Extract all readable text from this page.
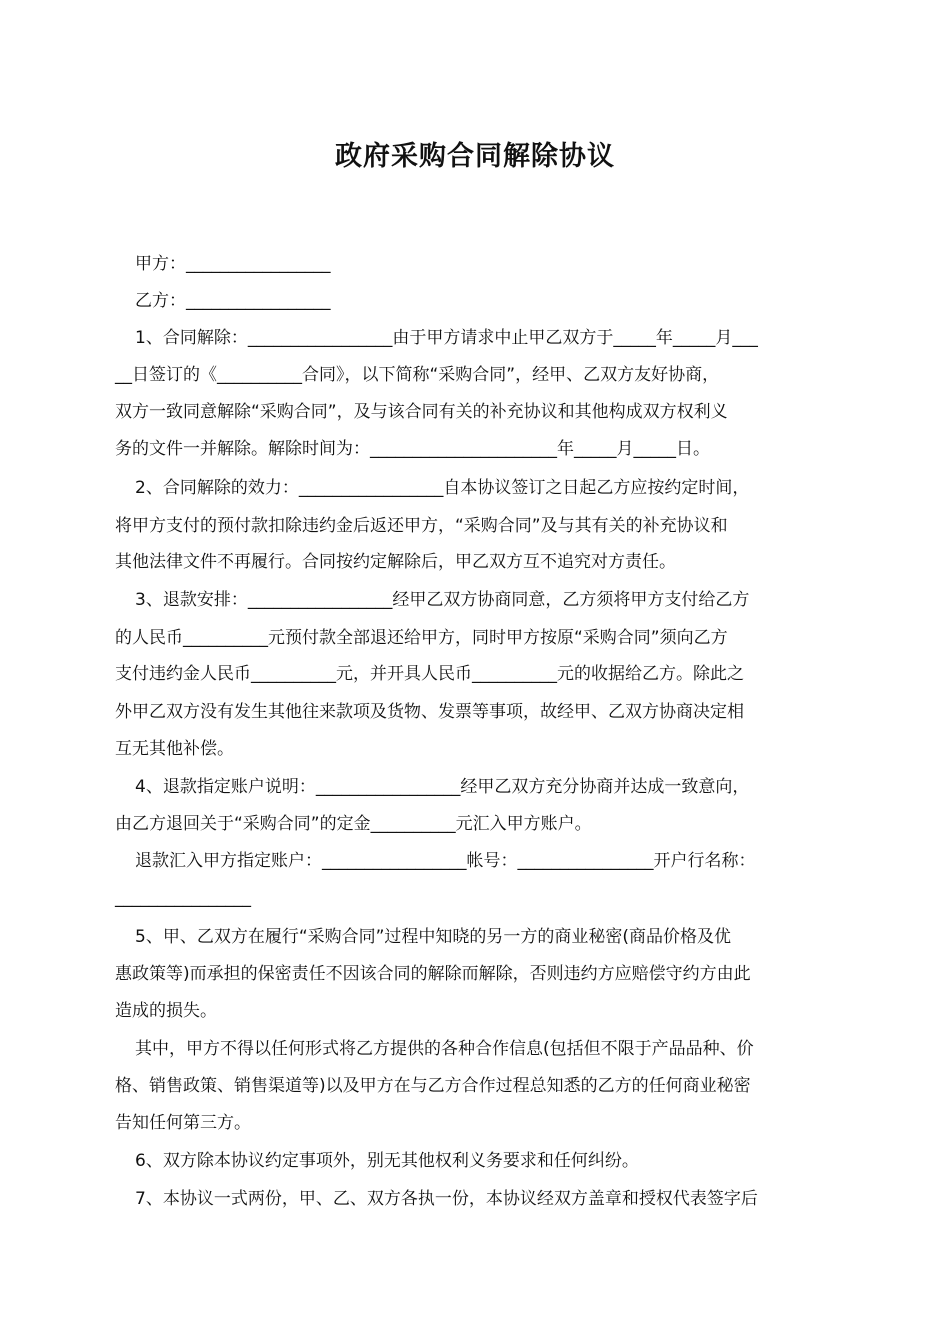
政府采购合同解除协议
甲方：_________________
乙方：_________________
1、合同解除：_________________由于甲方请求中止甲乙双方于_____年_____月___
__日签订的《__________合同》，以下简称“采购合同”，经甲、乙双方友好协商，
双方一致同意解除“采购合同”，及与该合同有关的补充协议和其他构成双方权利义
务的文件一并解除。解除时间为：______________________年_____月_____日。
2、合同解除的效力：_________________自本协议签订之日起乙方应按约定时间，
将甲方支付的预付款扣除违约金后返还甲方，“采购合同”及与其有关的补充协议和
其他法律文件不再履行。合同按约定解除后，甲乙双方互不追究对方责任。
3、退款安排：_________________经甲乙双方协商同意，乙方须将甲方支付给乙方
的人民币__________元预付款全部退还给甲方，同时甲方按原“采购合同”须向乙方
支付违约金人民币__________元，并开具人民币__________元的收据给乙方。除此之
外甲乙双方没有发生其他往来款项及货物、发票等事项，故经甲、乙双方协商决定相
互无其他补偿。
4、退款指定账户说明：_________________经甲乙双方充分协商并达成一致意向，
由乙方退回关于“采购合同”的定金__________元汇入甲方账户。
退款汇入甲方指定账户：_________________帐号：________________开户行名称：
________________
5、甲、乙双方在履行“采购合同”过程中知晓的另一方的商业秘密(商品价格及优
惠政策等)而承担的保密责任不因该合同的解除而解除，否则违约方应赔偿守约方由此
造成的损失。
其中，甲方不得以任何形式将乙方提供的各种合作信息(包括但不限于产品品种、价
格、销售政策、销售渠道等)以及甲方在与乙方合作过程总知悉的乙方的任何商业秘密
告知任何第三方。
6、双方除本协议约定事项外，别无其他权利义务要求和任何纠纷。
7、本协议一式两份，甲、乙、双方各执一份，本协议经双方盖章和授权代表签字后
